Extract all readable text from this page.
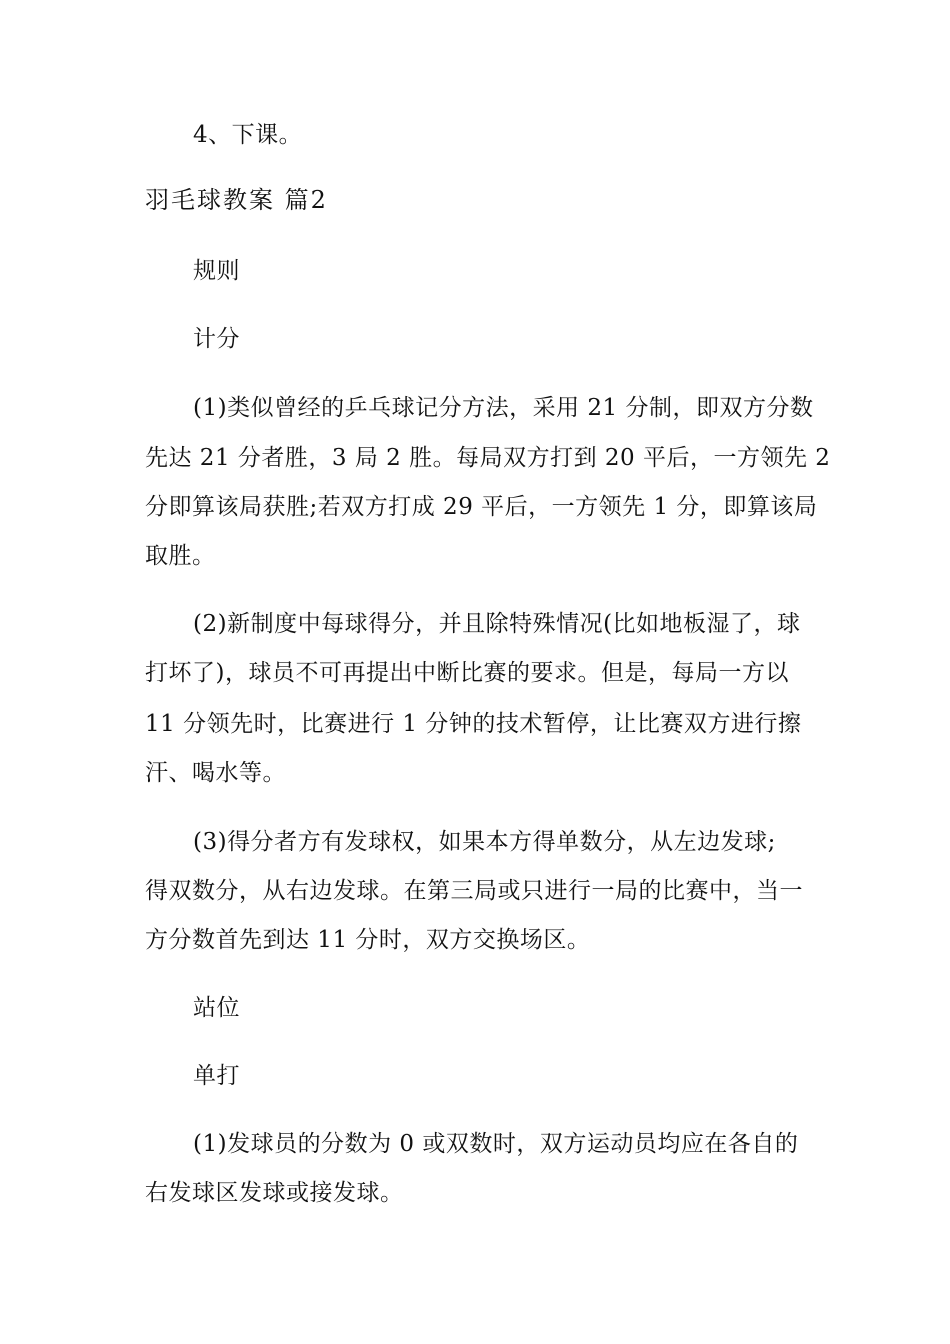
4、下课。
羽毛球教案 篇2
规则
计分
(1)类似曾经的乒乓球记分方法，采用 21 分制，即双方分数
先达 21 分者胜，3 局 2 胜。每局双方打到 20 平后，一方领先 2
分即算该局获胜;若双方打成 29 平后，一方领先 1 分，即算该局
取胜。
(2)新制度中每球得分，并且除特殊情况(比如地板湿了，球
打坏了)，球员不可再提出中断比赛的要求。但是，每局一方以
11 分领先时，比赛进行 1 分钟的技术暂停，让比赛双方进行擦
汗、喝水等。
(3)得分者方有发球权，如果本方得单数分，从左边发球;
得双数分，从右边发球。在第三局或只进行一局的比赛中，当一
方分数首先到达 11 分时，双方交换场区。
站位
单打
(1)发球员的分数为 0 或双数时，双方运动员均应在各自的
右发球区发球或接发球。
